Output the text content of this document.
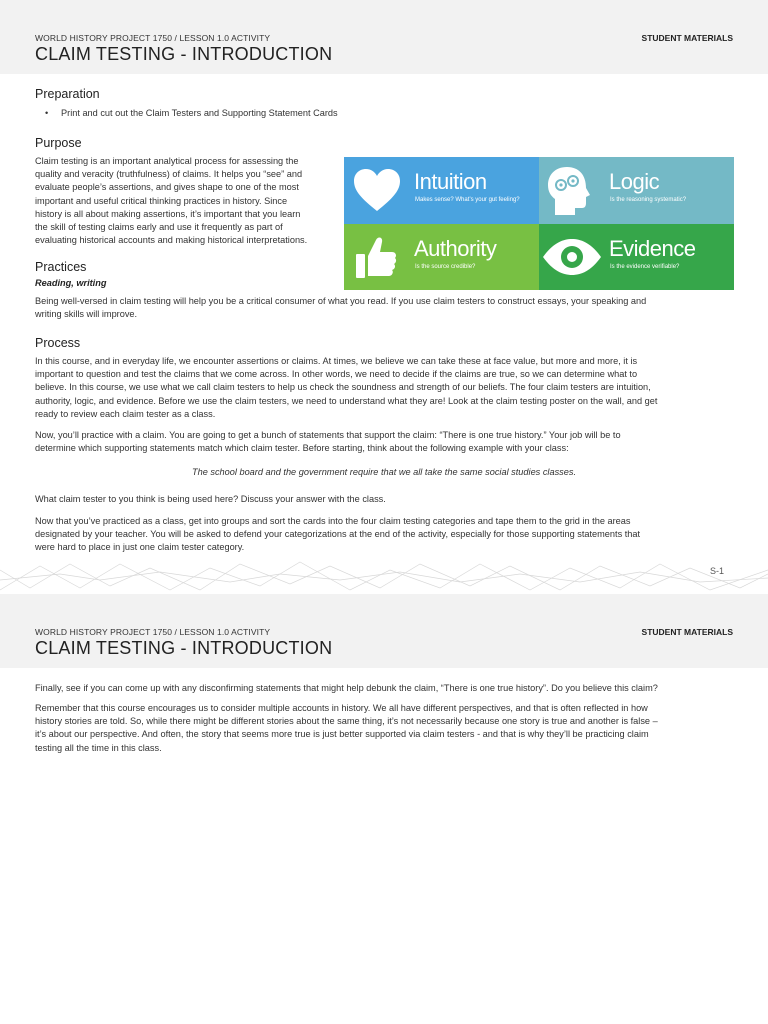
WORLD HISTORY PROJECT 1750 / LESSON 1.0 ACTIVITY	STUDENT MATERIALS
CLAIM TESTING - INTRODUCTION
Preparation
• Print and cut out the Claim Testers and Supporting Statement Cards
Purpose
Claim testing is an important analytical process for assessing the
quality and veracity (truthfulness) of claims. It helps you “see” and
evaluate people’s assertions, and gives shape to one of the most
important and useful critical thinking practices in history. Since
history is all about making assertions, it’s important that you learn
the skill of testing claims early and use it frequently as part of
evaluating historical accounts and making historical interpretations.
Intuition
Makes sense? What’s your gut feeling?
Logic
Is the reasoning systematic?
Authority
Is the source credible?
Evidence
Is the evidence verifiable?
Practices
Reading, writing
Being well-versed in claim testing will help you be a critical consumer of what you read. If you use claim testers to construct essays, your speaking and
writing skills will improve.
Process
In this course, and in everyday life, we encounter assertions or claims. At times, we believe we can take these at face value, but more and more, it is
important to question and test the claims that we come across. In other words, we need to decide if the claims are true, so we can determine what to
believe. In this course, we use what we call claim testers to help us check the soundness and strength of our beliefs. The four claim testers are intuition,
authority, logic, and evidence. Before we use the claim testers, we need to understand what they are! Look at the claim testing poster on the wall, and get
ready to review each claim tester as a class.
Now, you’ll practice with a claim. You are going to get a bunch of statements that support the claim: “There is one true history.” Your job will be to
determine which supporting statements match which claim tester. Before starting, think about the following example with your class:
The school board and the government require that we all take the same social studies classes.
What claim tester to you think is being used here? Discuss your answer with the class.
Now that you’ve practiced as a class, get into groups and sort the cards into the four claim testing categories and tape them to the grid in the areas
designated by your teacher. You will be asked to defend your categorizations at the end of the activity, especially for those supporting statements that
were hard to place in just one claim tester category.
S-1
WORLD HISTORY PROJECT 1750 / LESSON 1.0 ACTIVITY	STUDENT MATERIALS
CLAIM TESTING - INTRODUCTION
Finally, see if you can come up with any disconfirming statements that might help debunk the claim, “There is one true history”. Do you believe this claim?
Remember that this course encourages us to consider multiple accounts in history. We all have different perspectives, and that is often reflected in how
history stories are told. So, while there might be different stories about the same thing, it’s not necessarily because one story is true and another is false –
it’s about our perspective. And often, the story that seems more true is just better supported via claim testers - and that is why they’ll be practicing claim
testing all the time in this class.
